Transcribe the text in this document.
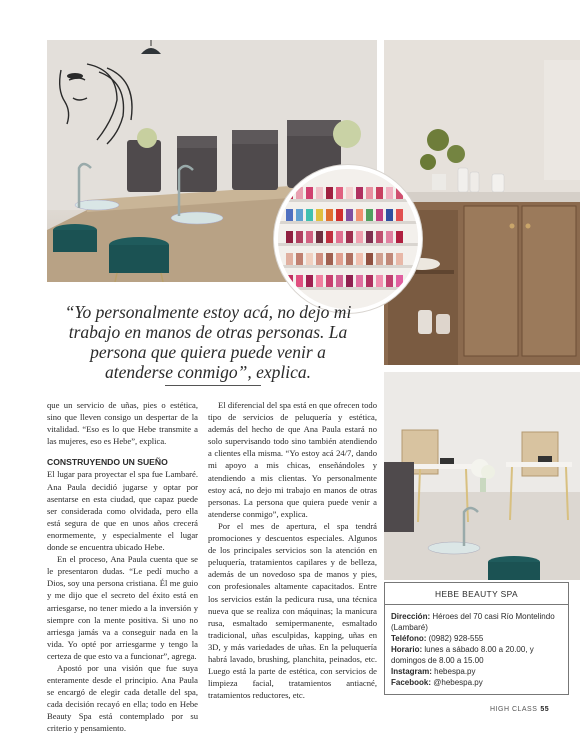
“Yo personalmente estoy acá, no dejo mi trabajo en manos de otras personas. La persona que quiera puede venir a atenderse conmigo”, explica.

que un servicio de uñas, pies o estética, sino que lleven consigo un despertar de la vitalidad. “Eso es lo que Hebe transmite a las mujeres, eso es Hebe”, explica.

CONSTRUYENDO UN SUEÑO

El lugar para proyectar el spa fue Lambaré. Ana Paula decidió jugarse y optar por asentarse en esta ciudad, que capaz puede ser considerada como olvidada, pero ella está segura de que en unos años crecerá enormemente, y especialmente el lugar donde se encuentra ubicado Hebe.

En el proceso, Ana Paula cuenta que se le presentaron dudas. “Le pedí mucho a Dios, soy una persona cristiana. Él me guio y me dijo que el secreto del éxito está en arriesgarse, no tener miedo a la inversión y siempre con la mente positiva. Si uno no arriesga jamás va a conseguir nada en la vida. Yo opté por arriesgarme y tengo la certeza de que esto va a funcionar”, agrega.

Apostó por una visión que fue suya enteramente desde el principio. Ana Paula se encargó de elegir cada detalle del spa, cada decisión recayó en ella; todo en Hebe Beauty Spa está contemplado por su criterio y pensamiento.

El diferencial del spa está en que ofrecen todo tipo de servicios de peluquería y estética, además del hecho de que Ana Paula estará no solo supervisando todo sino también atendiendo a clientes ella misma. “Yo estoy acá 24/7, dando mi apoyo a mis chicas, enseñándoles y atendiendo a mis clientas. Yo personalmente estoy acá, no dejo mi trabajo en manos de otras personas. La persona que quiera puede venir a atenderse conmigo”, explica.

Por el mes de apertura, el spa tendrá promociones y descuentos especiales. Algunos de los principales servicios son la atención en peluquería, tratamientos capilares y de belleza, además de un novedoso spa de manos y pies, con profesionales altamente capacitados. Entre los servicios están la pedicura rusa, una técnica nueva que se realiza con máquinas; la manicura rusa, esmaltado semipermanente, esmaltado tradicional, uñas esculpidas, kapping, uñas en 3D, y más variedades de uñas. En la peluquería habrá lavado, brushing, planchita, peinados, etc. Luego está la parte de estética, con servicios de limpieza facial, tratamientos antiacné, tratamientos reductores, etc.

HEBE BEAUTY SPA
Dirección: Héroes del 70 casi Río Montelindo (Lambaré)
Teléfono: (0982) 928-555
Horario: lunes a sábado 8.00 a 20.00, y domingos de 8.00 a 15.00
Instagram: hebespa.py
Facebook: @hebespa.py
HIGH CLASS 55
